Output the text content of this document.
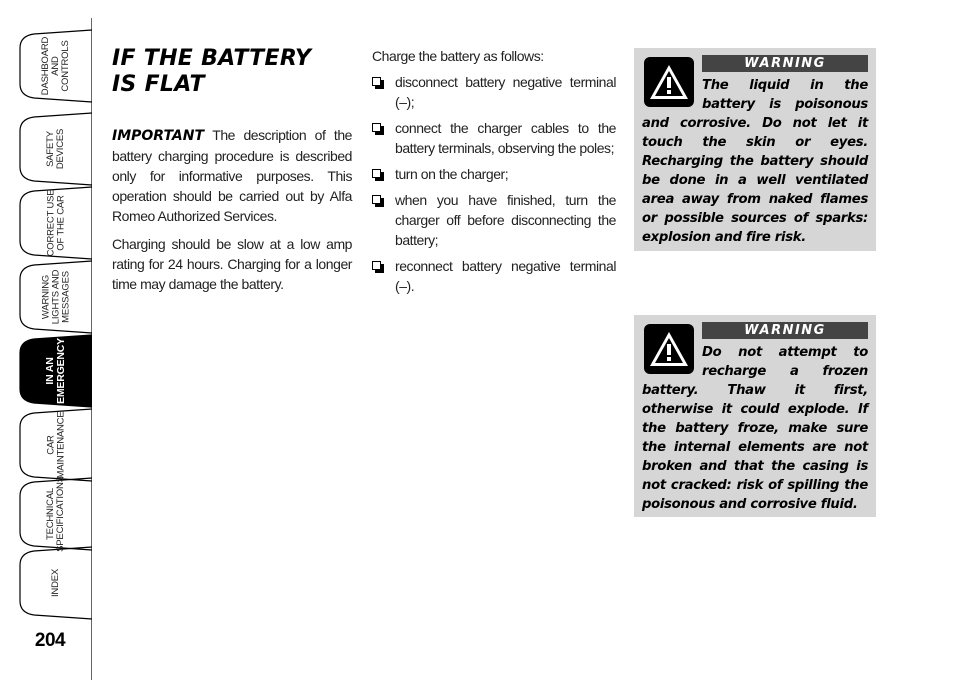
DASHBOARD
AND
CONTROLS
SAFETY
DEVICES
CORRECT USE
OF THE CAR
WARNING
LIGHTS AND
MESSAGES
IN AN
EMERGENCY
CAR
MAINTENANCE
TECHNICAL
SPECIFICATIONS
INDEX
204
IF THE BATTERY
IS FLAT

IMPORTANT The description of the battery charging procedure is described only for informative purposes. This operation should be carried out by Alfa Romeo Authorized Services.

Charging should be slow at a low amp rating for 24 hours. Charging for a longer time may damage the battery.

Charge the battery as follows:

disconnect battery negative terminal (–);
connect the charger cables to the battery terminals, observing the poles;
turn on the charger;
when you have finished, turn the charger off before disconnecting the battery;
reconnect battery negative terminal (–).
WARNING

The liquid in the battery is poisonous and corrosive. Do not let it touch the skin or eyes. Recharging the battery should be done in a well ventilated area away from naked flames or possible sources of sparks: explosion and fire risk.

WARNING

Do not attempt to recharge a frozen battery. Thaw it first, otherwise it could explode. If the battery froze, make sure the internal elements are not broken and that the casing is not cracked: risk of spilling the poisonous and corrosive fluid.
